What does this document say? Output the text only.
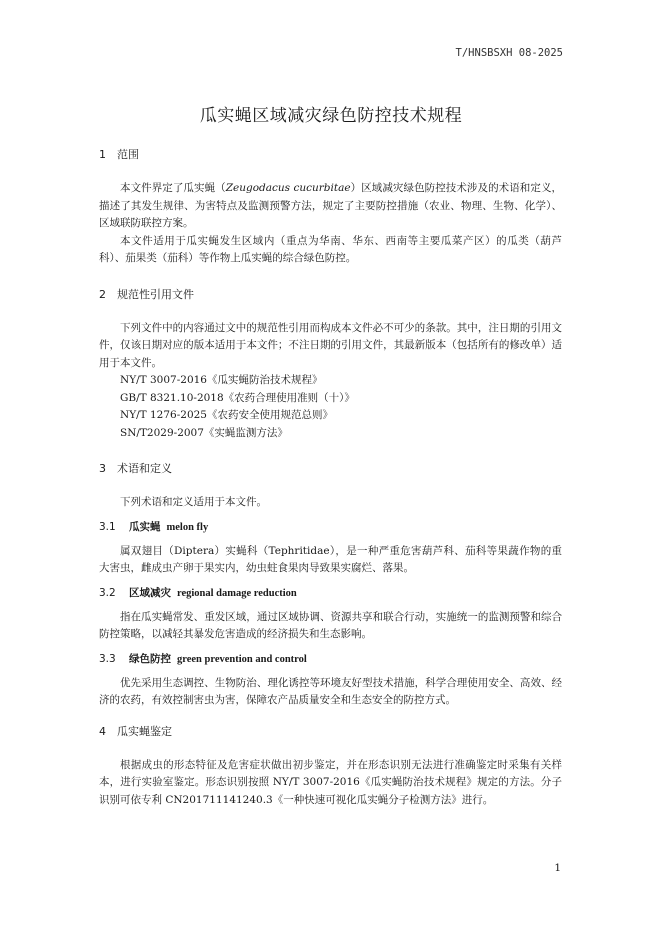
T/HNSBSXH 08-2025
瓜实蝇区域减灾绿色防控技术规程
1 范围

本文件界定了瓜实蝇（Zeugodacus cucurbitae）区域减灾绿色防控技术涉及的术语和定义，描述了其发生规律、为害特点及监测预警方法，规定了主要防控措施（农业、物理、生物、化学）、区域联防联控方案。

本文件适用于瓜实蝇发生区域内（重点为华南、华东、西南等主要瓜菜产区）的瓜类（葫芦科）、茄果类（茄科）等作物上瓜实蝇的综合绿色防控。

2 规范性引用文件

下列文件中的内容通过文中的规范性引用而构成本文件必不可少的条款。其中，注日期的引用文件，仅该日期对应的版本适用于本文件；不注日期的引用文件，其最新版本（包括所有的修改单）适用于本文件。

NY/T 3007-2016《瓜实蝇防治技术规程》
GB/T 8321.10-2018《农药合理使用准则（十）》
NY/T 1276-2025《农药安全使用规范总则》
SN/T2029-2007《实蝇监测方法》
3 术语和定义

下列术语和定义适用于本文件。

3.1 瓜实蝇 melon fly

属双翅目（Diptera）实蝇科（Tephritidae），是一种严重危害葫芦科、茄科等果蔬作物的重大害虫，雌成虫产卵于果实内，幼虫蛀食果肉导致果实腐烂、落果。

3.2 区域减灾 regional damage reduction

指在瓜实蝇常发、重发区域，通过区域协调、资源共享和联合行动，实施统一的监测预警和综合防控策略，以减轻其暴发危害造成的经济损失和生态影响。

3.3 绿色防控 green prevention and control

优先采用生态调控、生物防治、理化诱控等环境友好型技术措施，科学合理使用安全、高效、经济的农药，有效控制害虫为害，保障农产品质量安全和生态安全的防控方式。

4 瓜实蝇鉴定

根据成虫的形态特征及危害症状做出初步鉴定，并在形态识别无法进行准确鉴定时采集有关样本，进行实验室鉴定。形态识别按照 NY/T 3007-2016《瓜实蝇防治技术规程》规定的方法。分子识别可依专利 CN201711141240.3《一种快速可视化瓜实蝇分子检测方法》进行。

1
